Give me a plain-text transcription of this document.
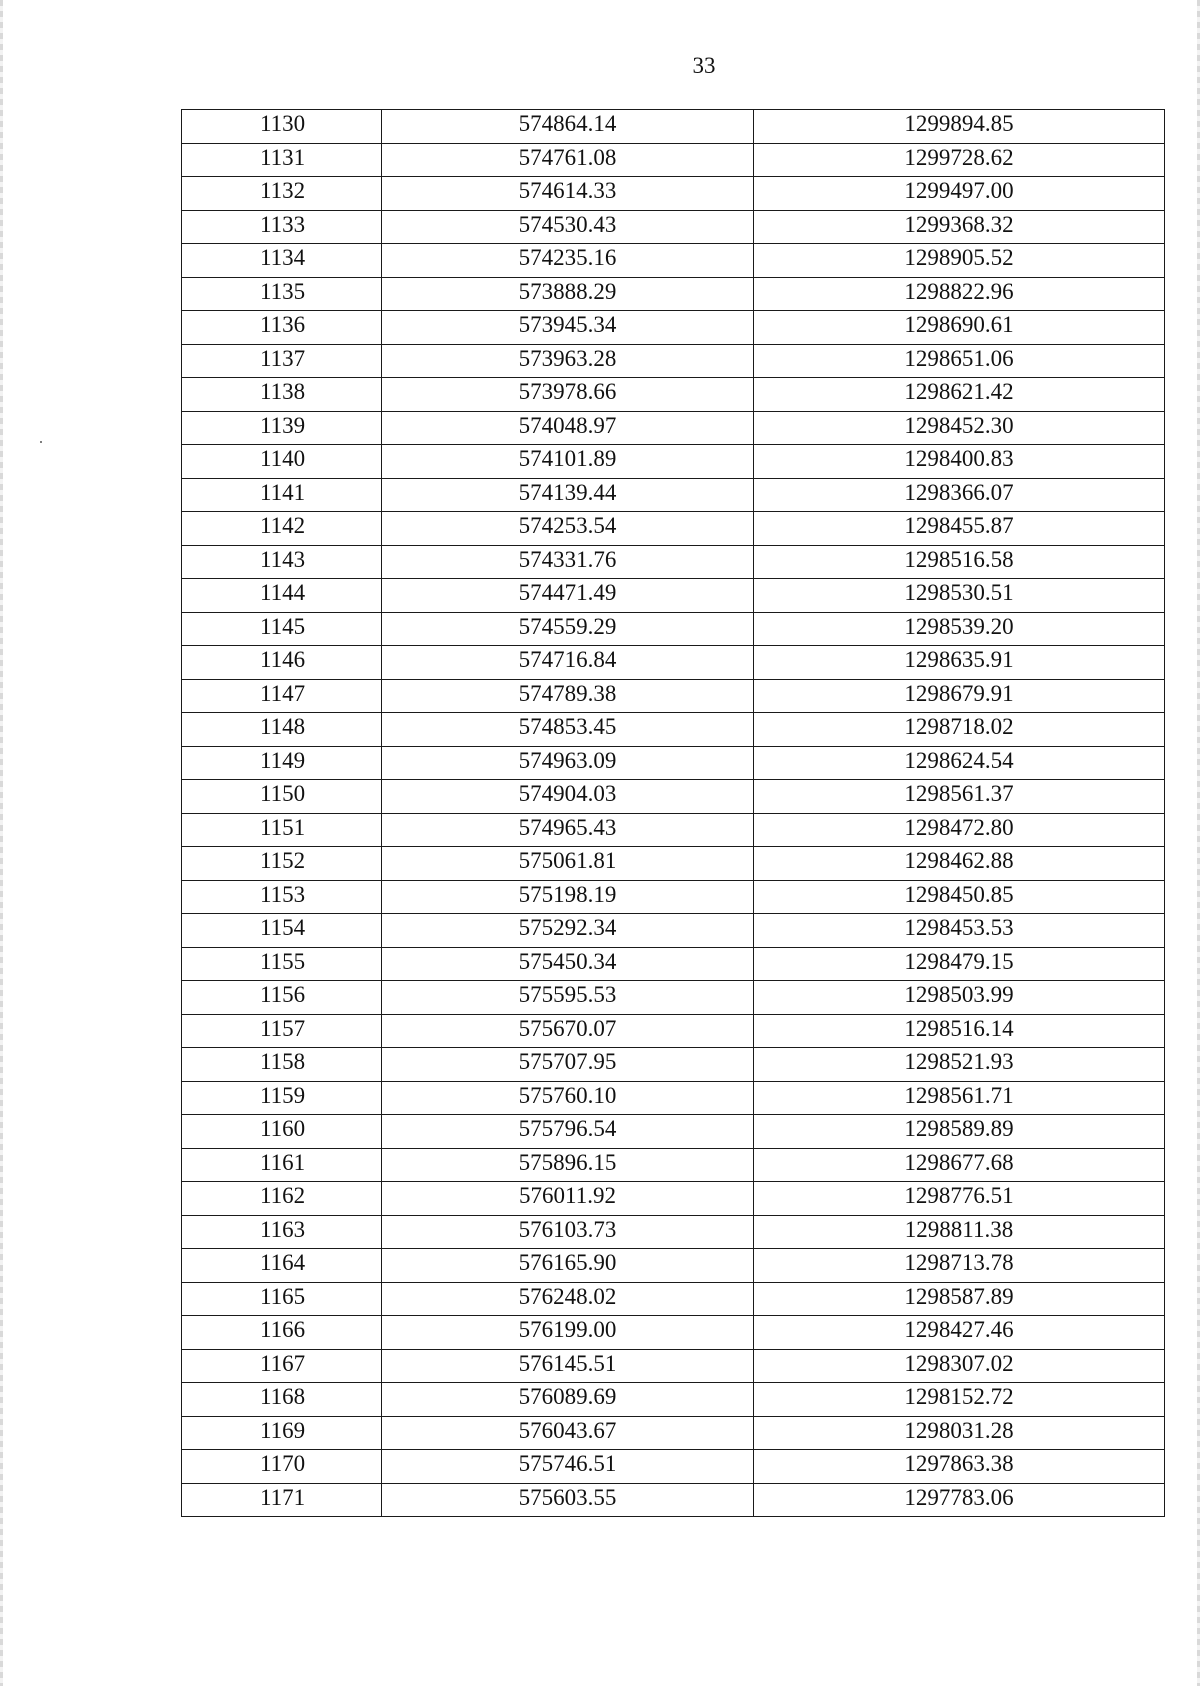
33
1130	574864.14	1299894.85
1131	574761.08	1299728.62
1132	574614.33	1299497.00
1133	574530.43	1299368.32
1134	574235.16	1298905.52
1135	573888.29	1298822.96
1136	573945.34	1298690.61
1137	573963.28	1298651.06
1138	573978.66	1298621.42
1139	574048.97	1298452.30
1140	574101.89	1298400.83
1141	574139.44	1298366.07
1142	574253.54	1298455.87
1143	574331.76	1298516.58
1144	574471.49	1298530.51
1145	574559.29	1298539.20
1146	574716.84	1298635.91
1147	574789.38	1298679.91
1148	574853.45	1298718.02
1149	574963.09	1298624.54
1150	574904.03	1298561.37
1151	574965.43	1298472.80
1152	575061.81	1298462.88
1153	575198.19	1298450.85
1154	575292.34	1298453.53
1155	575450.34	1298479.15
1156	575595.53	1298503.99
1157	575670.07	1298516.14
1158	575707.95	1298521.93
1159	575760.10	1298561.71
1160	575796.54	1298589.89
1161	575896.15	1298677.68
1162	576011.92	1298776.51
1163	576103.73	1298811.38
1164	576165.90	1298713.78
1165	576248.02	1298587.89
1166	576199.00	1298427.46
1167	576145.51	1298307.02
1168	576089.69	1298152.72
1169	576043.67	1298031.28
1170	575746.51	1297863.38
1171	575603.55	1297783.06
